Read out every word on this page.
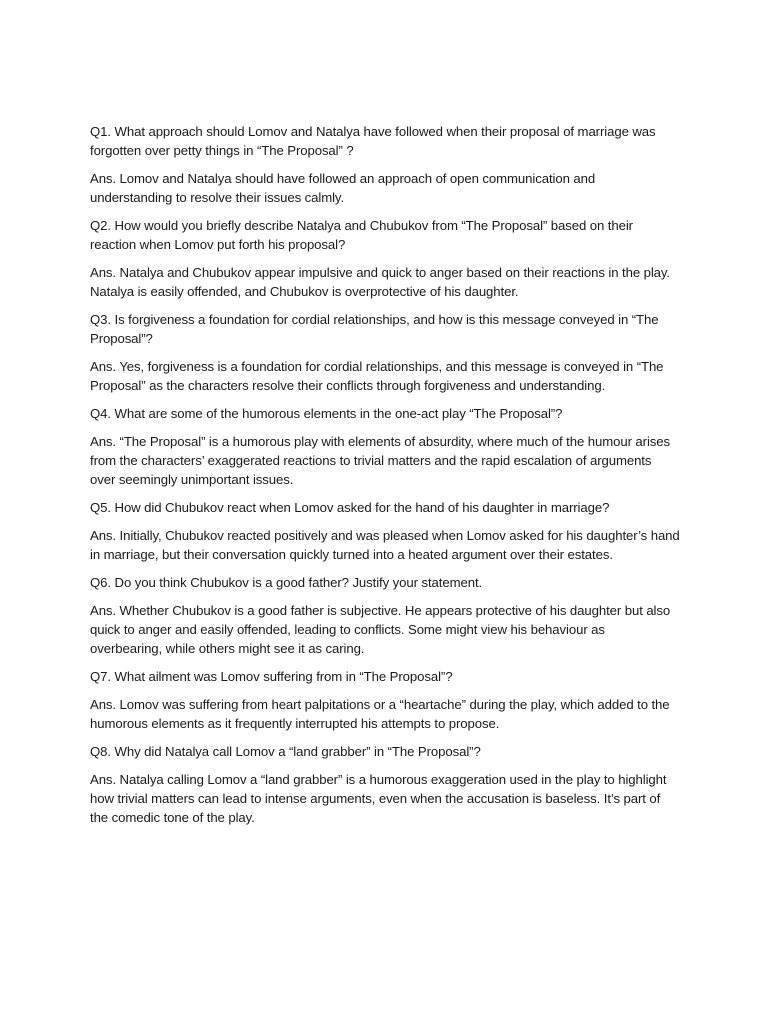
Q1. What approach should Lomov and Natalya have followed when their proposal of marriage was forgotten over petty things in “The Proposal” ?

Ans. Lomov and Natalya should have followed an approach of open communication and understanding to resolve their issues calmly.

Q2. How would you briefly describe Natalya and Chubukov from “The Proposal” based on their reaction when Lomov put forth his proposal?

Ans. Natalya and Chubukov appear impulsive and quick to anger based on their reactions in the play. Natalya is easily offended, and Chubukov is overprotective of his daughter.

Q3. Is forgiveness a foundation for cordial relationships, and how is this message conveyed in “The Proposal”?

Ans. Yes, forgiveness is a foundation for cordial relationships, and this message is conveyed in “The Proposal” as the characters resolve their conflicts through forgiveness and understanding.

Q4. What are some of the humorous elements in the one-act play “The Proposal”?

Ans. “The Proposal” is a humorous play with elements of absurdity, where much of the humour arises from the characters’ exaggerated reactions to trivial matters and the rapid escalation of arguments over seemingly unimportant issues.

Q5. How did Chubukov react when Lomov asked for the hand of his daughter in marriage?

Ans. Initially, Chubukov reacted positively and was pleased when Lomov asked for his daughter’s hand in marriage, but their conversation quickly turned into a heated argument over their estates.

Q6. Do you think Chubukov is a good father? Justify your statement.

Ans. Whether Chubukov is a good father is subjective. He appears protective of his daughter but also quick to anger and easily offended, leading to conflicts. Some might view his behaviour as overbearing, while others might see it as caring.

Q7. What ailment was Lomov suffering from in “The Proposal”?

Ans. Lomov was suffering from heart palpitations or a “heartache” during the play, which added to the humorous elements as it frequently interrupted his attempts to propose.

Q8. Why did Natalya call Lomov a “land grabber” in “The Proposal”?

Ans. Natalya calling Lomov a “land grabber” is a humorous exaggeration used in the play to highlight how trivial matters can lead to intense arguments, even when the accusation is baseless. It’s part of the comedic tone of the play.
